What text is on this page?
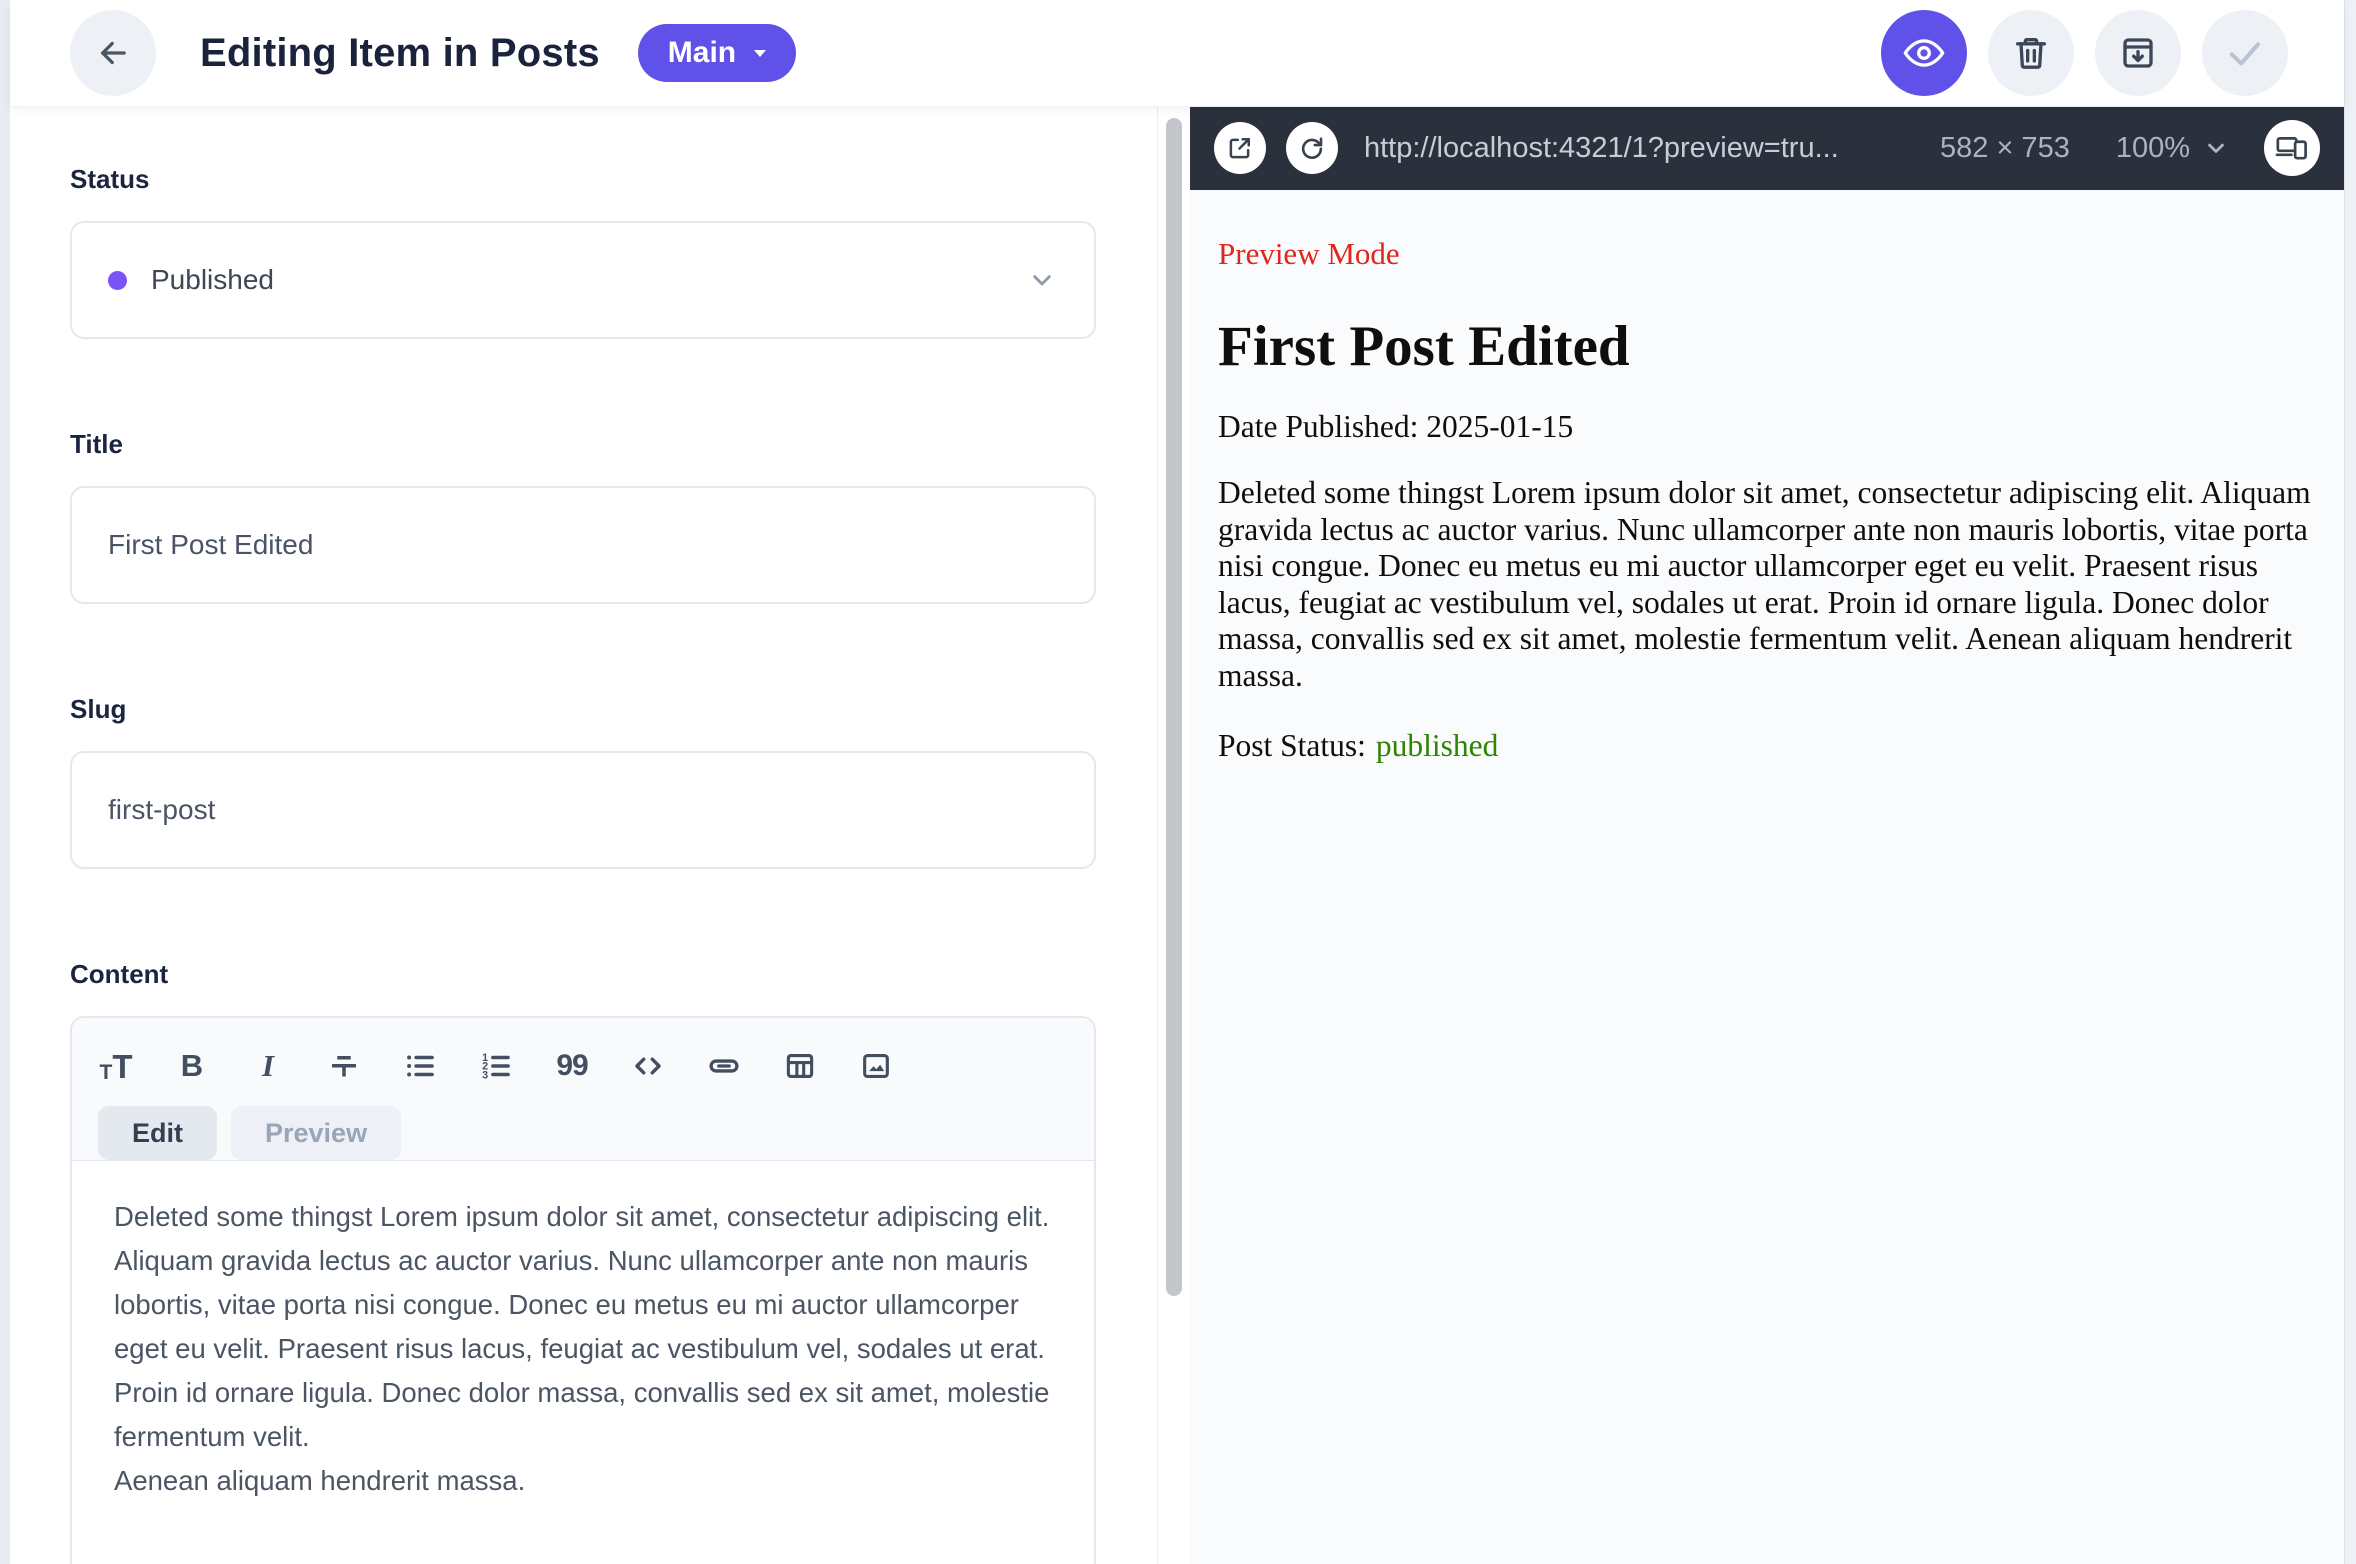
Editing Item in Posts Main
Status
Published
Title
First Post Edited
Slug
first-post
Content
T T B I	1
2
3 99
Edit	Preview
Deleted some thingst Lorem ipsum dolor sit amet, consectetur adipiscing elit. Aliquam gravida lectus ac auctor varius. Nunc ullamcorper ante non mauris lobortis, vitae porta nisi congue. Donec eu metus eu mi auctor ullamcorper eget eu velit. Praesent risus lacus, feugiat ac vestibulum vel, sodales ut erat. Proin id ornare ligula. Donec dolor massa, convallis sed ex sit amet, molestie fermentum velit. Aenean aliquam hendrerit massa.
http://localhost:4321/1?preview=tru...	582 × 753 100%

Preview Mode

First Post Edited

Date Published: 2025-01-15

Deleted some thingst Lorem ipsum dolor sit amet, consectetur adipiscing elit. Aliquam gravida lectus ac auctor varius. Nunc ullamcorper ante non mauris lobortis, vitae porta nisi congue. Donec eu metus eu mi auctor ullamcorper eget eu velit. Praesent risus lacus, feugiat ac vestibulum vel, sodales ut erat. Proin id ornare ligula. Donec dolor massa, convallis sed ex sit amet, molestie fermentum velit. Aenean aliquam hendrerit massa.

Post Status: published
